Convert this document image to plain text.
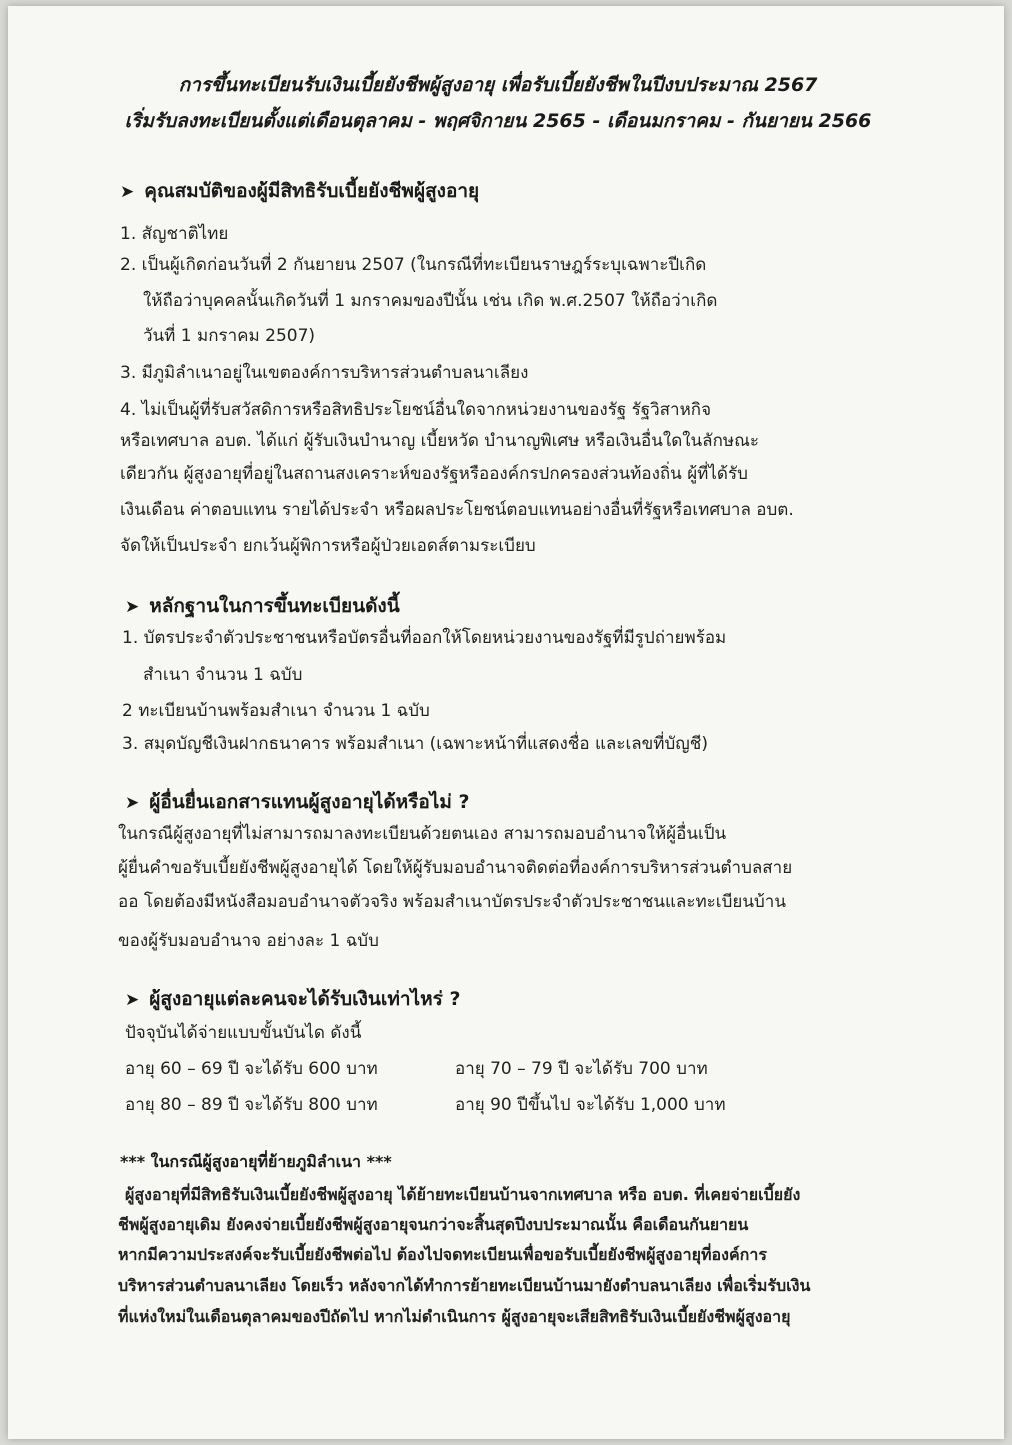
การขึ้นทะเบียนรับเงินเบี้ยยังชีพผู้สูงอายุ เพื่อรับเบี้ยยังชีพในปีงบประมาณ 2567
เริ่มรับลงทะเบียนตั้งแต่เดือนตุลาคม - พฤศจิกายน 2565 - เดือนมกราคม - กันยายน 2566
➤ คุณสมบัติของผู้มีสิทธิรับเบี้ยยังชีพผู้สูงอายุ
1. สัญชาติไทย
2. เป็นผู้เกิดก่อนวันที่ 2 กันยายน 2507 (ในกรณีที่ทะเบียนราษฎร์ระบุเฉพาะปีเกิด
ให้ถือว่าบุคคลนั้นเกิดวันที่ 1 มกราคมของปีนั้น เช่น เกิด พ.ศ.2507 ให้ถือว่าเกิด
วันที่ 1 มกราคม 2507)
3. มีภูมิลำเนาอยู่ในเขตองค์การบริหารส่วนตำบลนาเลียง
4. ไม่เป็นผู้ที่รับสวัสดิการหรือสิทธิประโยชน์อื่นใดจากหน่วยงานของรัฐ รัฐวิสาหกิจ
หรือเทศบาล อบต. ได้แก่ ผู้รับเงินบำนาญ เบี้ยหวัด บำนาญพิเศษ หรือเงินอื่นใดในลักษณะ
เดียวกัน ผู้สูงอายุที่อยู่ในสถานสงเคราะห์ของรัฐหรือองค์กรปกครองส่วนท้องถิ่น ผู้ที่ได้รับ
เงินเดือน ค่าตอบแทน รายได้ประจำ หรือผลประโยชน์ตอบแทนอย่างอื่นที่รัฐหรือเทศบาล อบต.
จัดให้เป็นประจำ ยกเว้นผู้พิการหรือผู้ป่วยเอดส์ตามระเบียบ
➤ หลักฐานในการขึ้นทะเบียนดังนี้
1. บัตรประจำตัวประชาชนหรือบัตรอื่นที่ออกให้โดยหน่วยงานของรัฐที่มีรูปถ่ายพร้อม
สำเนา จำนวน 1 ฉบับ
2 ทะเบียนบ้านพร้อมสำเนา จำนวน 1 ฉบับ
3. สมุดบัญชีเงินฝากธนาคาร พร้อมสำเนา (เฉพาะหน้าที่แสดงชื่อ และเลขที่บัญชี)
➤ ผู้อื่นยื่นเอกสารแทนผู้สูงอายุได้หรือไม่ ?
ในกรณีผู้สูงอายุที่ไม่สามารถมาลงทะเบียนด้วยตนเอง สามารถมอบอำนาจให้ผู้อื่นเป็น
ผู้ยื่นคำขอรับเบี้ยยังชีพผู้สูงอายุได้ โดยให้ผู้รับมอบอำนาจติดต่อที่องค์การบริหารส่วนตำบลสาย
ออ โดยต้องมีหนังสือมอบอำนาจตัวจริง พร้อมสำเนาบัตรประจำตัวประชาชนและทะเบียนบ้าน
ของผู้รับมอบอำนาจ อย่างละ 1 ฉบับ
➤ ผู้สูงอายุแต่ละคนจะได้รับเงินเท่าไหร่ ?
ปัจจุบันได้จ่ายแบบขั้นบันได ดังนี้
อายุ 60 – 69 ปี จะได้รับ 600 บาท	อายุ 70 – 79 ปี จะได้รับ 700 บาท
อายุ 80 – 89 ปี จะได้รับ 800 บาท	อายุ 90 ปีขึ้นไป จะได้รับ 1,000 บาท
*** ในกรณีผู้สูงอายุที่ย้ายภูมิลำเนา ***
ผู้สูงอายุที่มีสิทธิรับเงินเบี้ยยังชีพผู้สูงอายุ ได้ย้ายทะเบียนบ้านจากเทศบาล หรือ อบต. ที่เคยจ่ายเบี้ยยัง
ชีพผู้สูงอายุเดิม ยังคงจ่ายเบี้ยยังชีพผู้สูงอายุจนกว่าจะสิ้นสุดปีงบประมาณนั้น คือเดือนกันยายน
หากมีความประสงค์จะรับเบี้ยยังชีพต่อไป ต้องไปจดทะเบียนเพื่อขอรับเบี้ยยังชีพผู้สูงอายุที่องค์การ
บริหารส่วนตำบลนาเลียง โดยเร็ว หลังจากได้ทำการย้ายทะเบียนบ้านมายังตำบลนาเลียง เพื่อเริ่มรับเงิน
ที่แห่งใหม่ในเดือนตุลาคมของปีถัดไป หากไม่ดำเนินการ ผู้สูงอายุจะเสียสิทธิรับเงินเบี้ยยังชีพผู้สูงอายุ
